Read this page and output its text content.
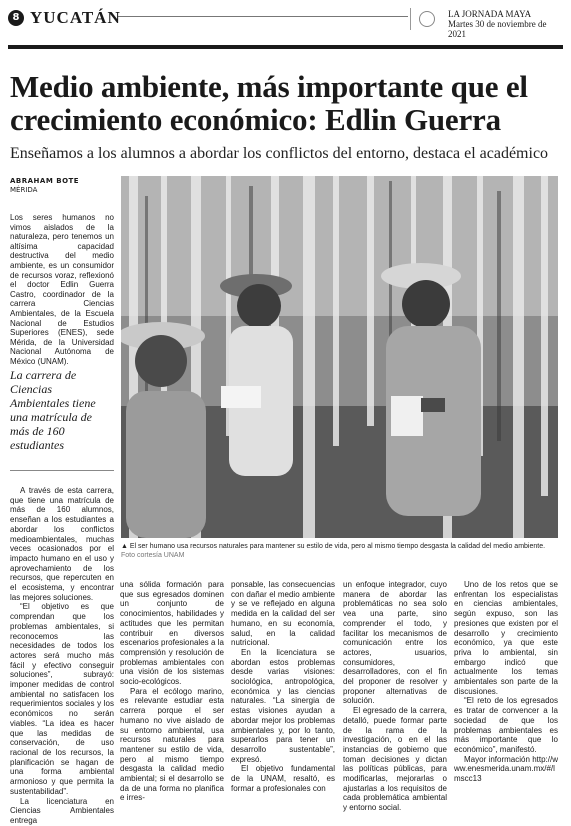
8 YUCATÁN	LA JORNADA MAYA
Martes 30 de noviembre de 2021
Medio ambiente, más importante que el crecimiento económico: Edlin Guerra
Enseñamos a los alumnos a abordar los conflictos del entorno, destaca el académico
ABRAHAM BOTE
MÉRIDA
Los seres humanos no vimos aislados de la naturaleza, pero tenemos un altísima capacidad destructiva del medio ambiente, es un consumidor de recursos voraz, reflexionó el doctor Edlin Guerra Castro, coordinador de la carrera Ciencias Ambientales, de la Escuela Nacional de Estudios Superiores (ENES), sede Mérida, de la Universidad Nacional Autónoma de México (UNAM).
La carrera de Ciencias Ambientales tiene una matrícula de más de 160 estudiantes
▲ El ser humano usa recursos naturales para mantener su estilo de vida, pero al mismo tiempo desgasta la calidad del medio ambiente. Foto cortesía UNAM

A través de esta carrera, que tiene una matrícula de más de 160 alumnos, enseñan a los estudiantes a abordar los conflictos medioambientales, muchas veces ocasionados por el impacto humano en el uso y aprovechamiento de los recursos, que repercuten en el ecosistema, y encontrar las mejores soluciones.

“El objetivo es que comprendan que los problemas ambientales, si reconocemos las necesidades de todos los actores será mucho más fácil y efectivo conseguir soluciones”, subrayó: imponer medidas de control ambiental no satisfacen los requerimientos sociales y los económicos no serán viables. “La idea es hacer que las medidas de conservación, de uso racional de los recursos, la planificación se hagan de una forma ambiental armonioso y que permita la sustentabilidad”.

La licenciatura en Ciencias Ambientales entrega

una sólida formación para que sus egresados dominen un conjunto de conocimientos, habilidades y actitudes que les permitan contribuir en diversos escenarios profesionales a la comprensión y resolución de problemas ambientales con una visión de los sistemas socio-ecológicos.

Para el ecólogo marino, es relevante estudiar esta carrera porque el ser humano no vive aislado de su entorno ambiental, usa recursos naturales para mantener su estilo de vida, pero al mismo tiempo desgasta la calidad medio ambiental; si el desarrollo se da de una forma no planifica e irres-

ponsable, las consecuencias con dañar el medio ambiente y se ve reflejado en alguna medida en la calidad del ser humano, en su economía, salud, en la calidad nutricional.

En la licenciatura se abordan estos problemas desde varias visiones: sociológica, antropológica, económica y las ciencias naturales. “La sinergia de estas visiones ayudan a abordar mejor los problemas ambientales y, por lo tanto, superarlos para tener un desarrollo sustentable”, expresó.

El objetivo fundamental de la UNAM, resaltó, es formar a profesionales con

un enfoque integrador, cuyo manera de abordar las problemáticas no sea solo vea una parte, sino comprender el todo, y facilitar los mecanismos de comunicación entre los actores, usuarios, consumidores, desarrolladores, con el fin del proponer de resolver y proponer alternativas de solución.

El egresado de la carrera, detalló, puede formar parte de la rama de la investigación, o en el las instancias de gobierno que toman decisiones y dictan las políticas públicas, para modificarlas, mejorarlas o ajustarlas a los requisitos de cada problemática ambiental y entorno social.

Uno de los retos que se enfrentan los especialistas en ciencias ambientales, según expuso, son las presiones que existen por el desarrollo y crecimiento económico, ya que este priva lo ambiental, sin embargo indicó que actualmente los temas ambientales son parte de la discusiones.

“El reto de los egresados es tratar de convencer a la sociedad de que los problemas ambientales es más importante que lo económico”, manifestó.

Mayor información http://www.enesmerida.unam.mx/#/lmscc13
